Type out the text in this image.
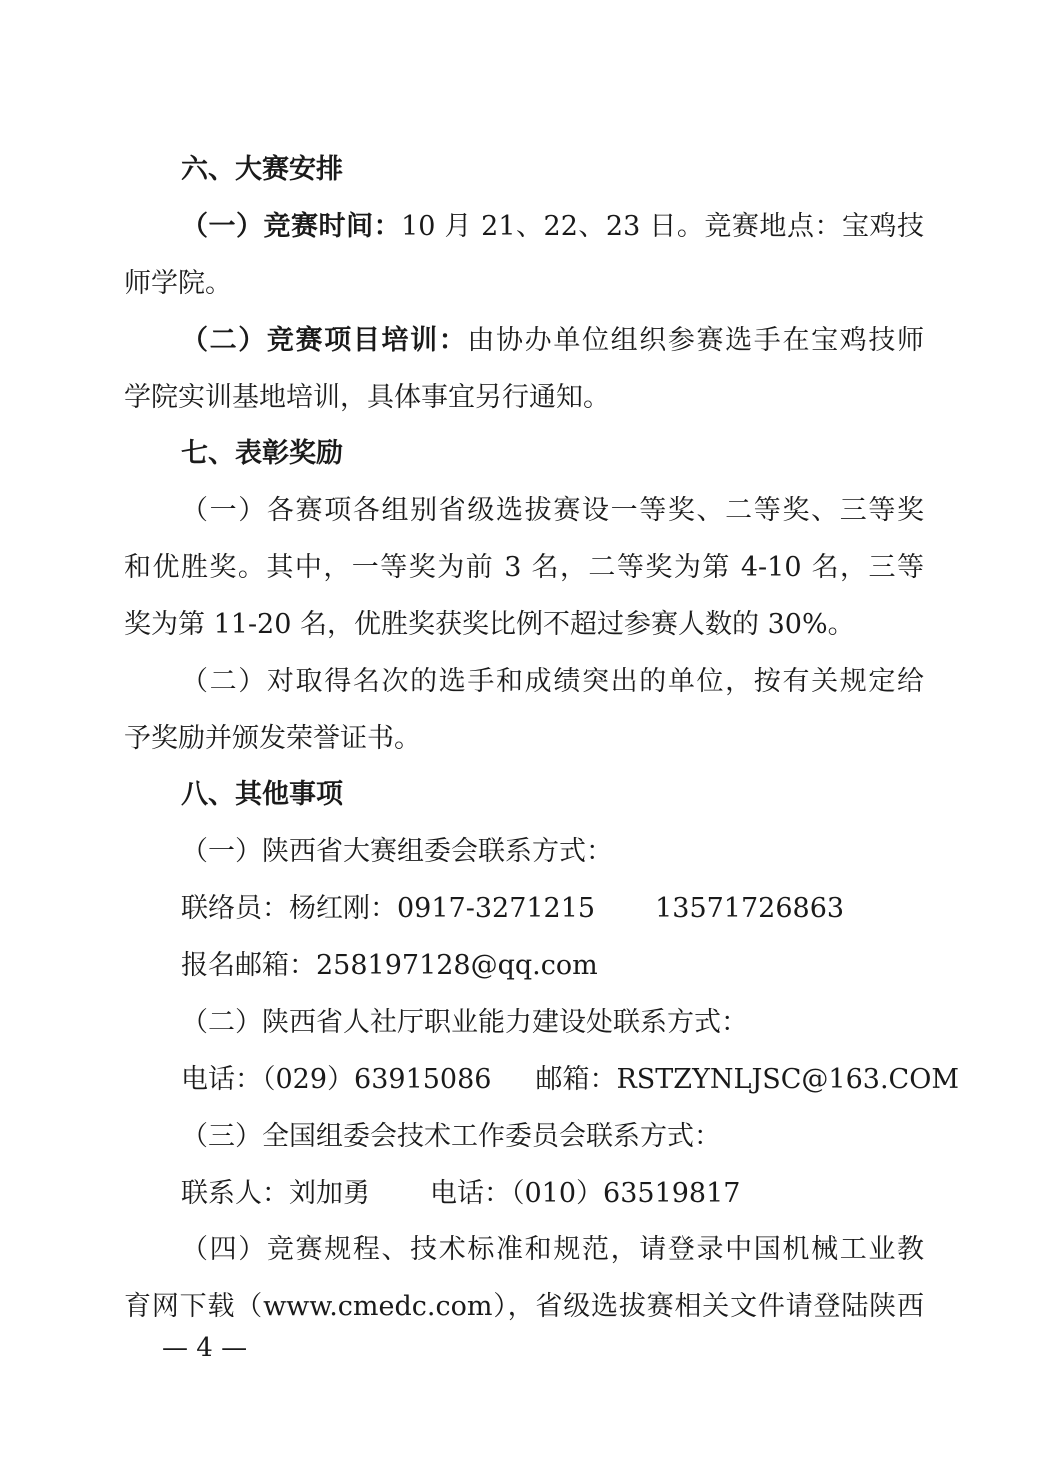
六、大赛安排

（一）竞赛时间：10 月 21、22、23 日。竞赛地点：宝鸡技

师学院。

（二）竞赛项目培训：由协办单位组织参赛选手在宝鸡技师

学院实训基地培训，具体事宜另行通知。

七、表彰奖励

（一）各赛项各组别省级选拔赛设一等奖、二等奖、三等奖

和优胜奖。其中，一等奖为前 3 名，二等奖为第 4-10 名，三等

奖为第 11-20 名，优胜奖获奖比例不超过参赛人数的 30%。

（二）对取得名次的选手和成绩突出的单位，按有关规定给

予奖励并颁发荣誉证书。

八、其他事项

（一）陕西省大赛组委会联系方式：

联络员：杨红刚：0917-3271215 13571726863

报名邮箱：258197128@qq.com

（二）陕西省人社厅职业能力建设处联系方式：

电话：（029）63915086 邮箱：RSTZYNLJSC@163.COM

（三）全国组委会技术工作委员会联系方式：

联系人：刘加勇 电话：（010）63519817

（四）竞赛规程、技术标准和规范，请登录中国机械工业教

育网下载（www.cmedc.com），省级选拔赛相关文件请登陆陕西

— 4 —
